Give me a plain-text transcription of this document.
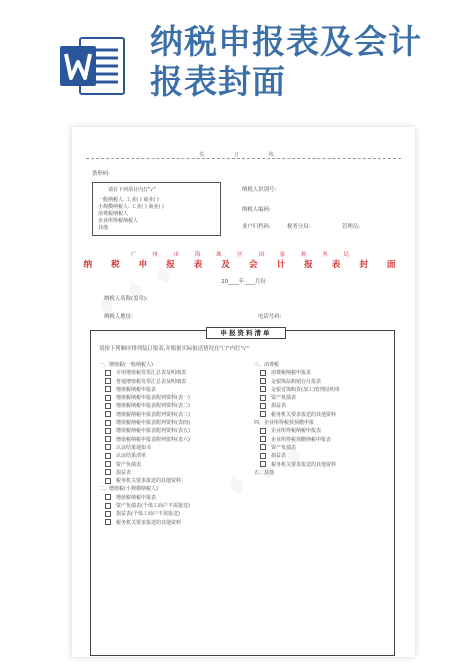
纳税申报表及会计
报表封面
装 订 线
条形码:
请在下列项目内打"√"
一般纳税人: 工业( ) 商业( )
小规模纳税人: 工业( ) 商业( )
消费税纳税人
企业所得税纳税人
其他
纳税人识别号:
纳税人编码:
业户归档码:	税务分局:	管理员:
广 州 市 海 珠 区 国 家 税 务 局
纳 税 申 报 表 及 会 计 报 表 封 面
20____年____月份
纳税人名称(盖章):
纳税人地址:	电话号码:
申报资料清单
请按下列顺序排列装订报表,并根据实际报送情况在"口"内打"√"
一、增值税(一般纳税人)
专用增值税发票汇总表及明细表
普通增值税发票汇总表及明细表
增值税纳税申报表
增值税纳税申报表附列资料(表一)
增值税纳税申报表附列资料(表二)
增值税纳税申报表附列资料(表三)
增值税纳税申报表附列资料(表四)
增值税纳税申报表附列资料(表五)
增值税纳税申报表附列资料(表六)
认证结果通知书
认证结果清单
资产负债表
损益表
税务机关要求报送的其他资料
二、增值税(小规模纳税人)
增值税纳税申报表
资产负债表(个体工商户不需报送)
损益表(个体工商户不需报送)
税务机关要求报送的其他资料
三、消费税
消费税纳税申报表
金银饰品购销存月报表
金银首饰购货(加工)管理证明单
资产负债表
损益表
税务机关要求报送的其他资料
四、企业所得税按预缴申报
企业所得税纳税申报表
企业所得税预缴纳税申报表
资产负债表
损益表
税务机关要求报送的其他资料
五、其他
